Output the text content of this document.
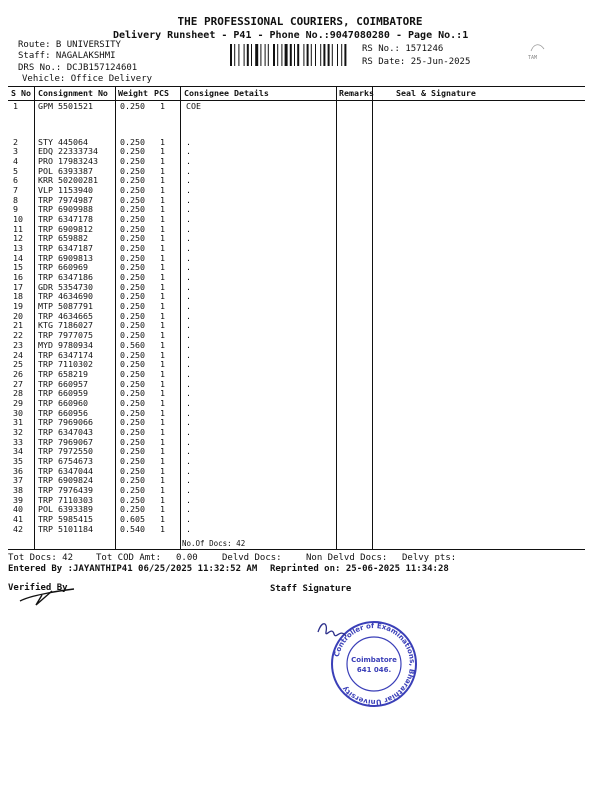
THE PROFESSIONAL COURIERS, COIMBATORE
Delivery Runsheet - P41 - Phone No.:9047080280 - Page No.:1
Route: B UNIVERSITY
Staff: NAGALAKSHMI
DRS No.: DCJB157124601
Vehicle: Office Delivery
RS No.: 1571246
RS Date: 25-Jun-2025	TAM
S No Consignment No Weight PCS Consignee Details	Remarks	Seal & Signature
1 GPM 5501521	0.250 1	COE
2 STY 445064	0.250 1	.
3 EDQ 22333734	0.250 1	.
4 PRO 17983243	0.250 1	.
5 POL 6393387	0.250 1	.
6 KRR 50200281	0.250 1	.
7 VLP 1153940	0.250 1	.
8 TRP 7974987	0.250 1	.
9 TRP 6909988	0.250 1	.
10 TRP 6347178	0.250 1	.
11 TRP 6909812	0.250 1	.
12 TRP 659882	0.250 1	.
13 TRP 6347187	0.250 1	.
14 TRP 6909813	0.250 1	.
15 TRP 660969	0.250 1	.
16 TRP 6347186	0.250 1	.
17 GDR 5354730	0.250 1	.
18 TRP 4634690	0.250 1	.
19 MTP 5087791	0.250 1	.
20 TRP 4634665	0.250 1	.
21 KTG 7186027	0.250 1	.
22 TRP 7977075	0.250 1	.
23 MYD 9780934	0.560 1	.
24 TRP 6347174	0.250 1	.
25 TRP 7110302	0.250 1	.
26 TRP 658219	0.250 1	.
27 TRP 660957	0.250 1	.
28 TRP 660959	0.250 1	.
29 TRP 660960	0.250 1	.
30 TRP 660956	0.250 1	.
31 TRP 7969066	0.250 1	.
32 TRP 6347043	0.250 1	.
33 TRP 7969067	0.250 1	.
34 TRP 7972550	0.250 1	.
35 TRP 6754673	0.250 1	.
36 TRP 6347044	0.250 1	.
37 TRP 6909824	0.250 1	.
38 TRP 7976439	0.250 1	.
39 TRP 7110303	0.250 1	.
40 POL 6393389	0.250 1	.
41 TRP 5985415	0.605 1	.
42 TRP 5101184	0.540 1	.
No.Of Docs: 42
Tot Docs: 42	Tot COD Amt: 0.00	Delvd Docs:	Non Delvd Docs: Delvy pts:
Entered By :JAYANTHIP41 06/25/2025 11:32:52 AM Reprinted on: 25-06-2025 11:34:28
Verified By	Staff Signature
Controller of Examinations, Bharathiar University
Coimbatore
641 046.
